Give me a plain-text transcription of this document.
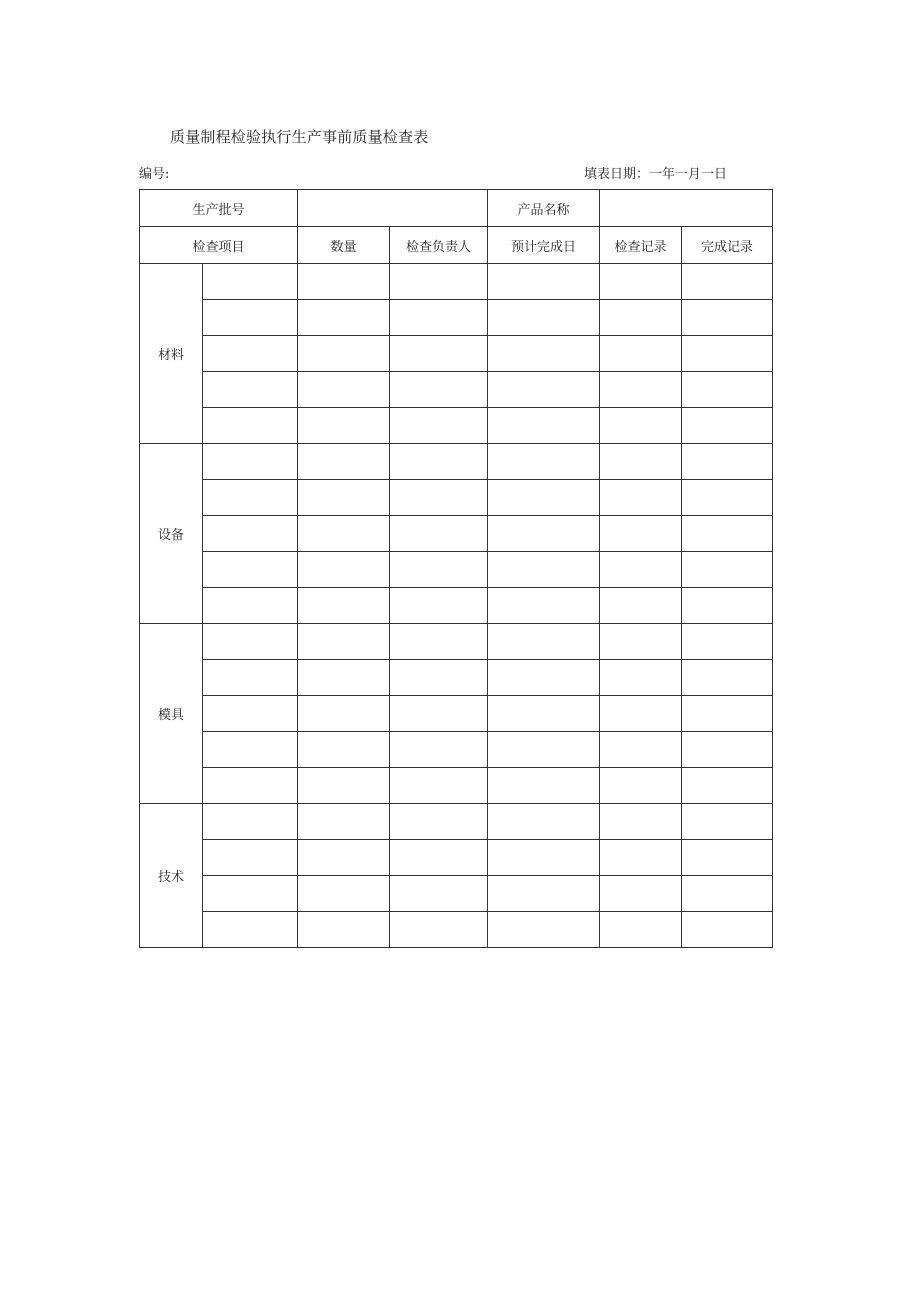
质量制程检验执行生产事前质量检查表
编号:	填表日期：一年一月一日
生产批号				产品名称		
检查项目		数量	检查负责人	预计完成日	检查记录	完成记录
材料						

设备						

模具						

技术						
